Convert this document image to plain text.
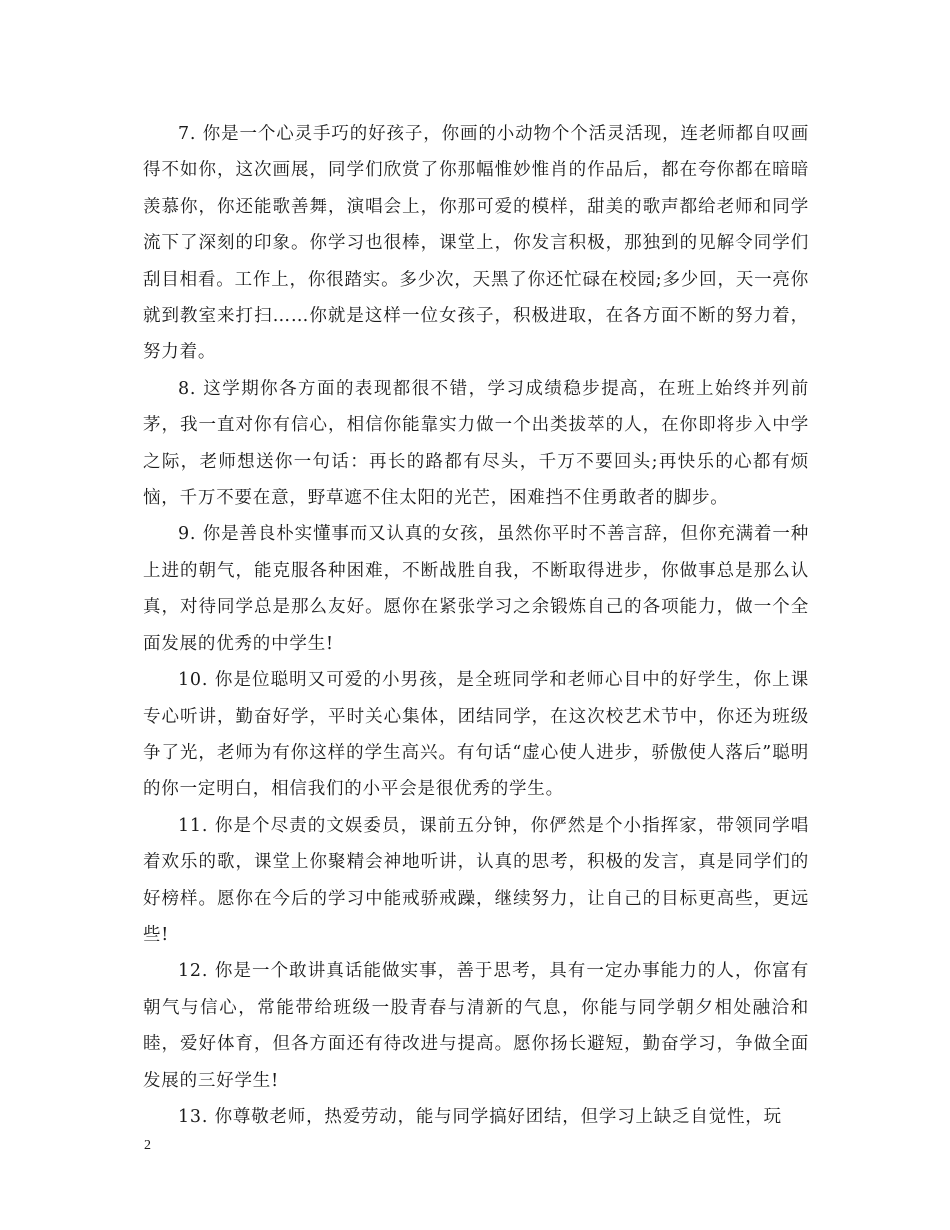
7. 你是一个心灵手巧的好孩子，你画的小动物个个活灵活现，连老师都自叹画得不如你，这次画展，同学们欣赏了你那幅惟妙惟肖的作品后，都在夸你都在暗暗羡慕你，你还能歌善舞，演唱会上，你那可爱的模样，甜美的歌声都给老师和同学流下了深刻的印象。你学习也很棒，课堂上，你发言积极，那独到的见解令同学们刮目相看。工作上，你很踏实。多少次，天黑了你还忙碌在校园;多少回，天一亮你就到教室来打扫……你就是这样一位女孩子，积极进取，在各方面不断的努力着，努力着。

8. 这学期你各方面的表现都很不错，学习成绩稳步提高，在班上始终并列前茅，我一直对你有信心，相信你能靠实力做一个出类拔萃的人，在你即将步入中学之际，老师想送你一句话：再长的路都有尽头，千万不要回头;再快乐的心都有烦恼，千万不要在意，野草遮不住太阳的光芒，困难挡不住勇敢者的脚步。

9. 你是善良朴实懂事而又认真的女孩，虽然你平时不善言辞，但你充满着一种上进的朝气，能克服各种困难，不断战胜自我，不断取得进步，你做事总是那么认真，对待同学总是那么友好。愿你在紧张学习之余锻炼自己的各项能力，做一个全面发展的优秀的中学生!

10. 你是位聪明又可爱的小男孩，是全班同学和老师心目中的好学生，你上课专心听讲，勤奋好学，平时关心集体，团结同学，在这次校艺术节中，你还为班级争了光，老师为有你这样的学生高兴。有句话“虚心使人进步，骄傲使人落后”聪明的你一定明白，相信我们的小平会是很优秀的学生。

11. 你是个尽责的文娱委员，课前五分钟，你俨然是个小指挥家，带领同学唱着欢乐的歌，课堂上你聚精会神地听讲，认真的思考，积极的发言，真是同学们的好榜样。愿你在今后的学习中能戒骄戒躁，继续努力，让自己的目标更高些，更远些!

12. 你是一个敢讲真话能做实事，善于思考，具有一定办事能力的人，你富有朝气与信心，常能带给班级一股青春与清新的气息，你能与同学朝夕相处融洽和睦，爱好体育，但各方面还有待改进与提高。愿你扬长避短，勤奋学习，争做全面发展的三好学生!

13. 你尊敬老师，热爱劳动，能与同学搞好团结，但学习上缺乏自觉性，玩

2
